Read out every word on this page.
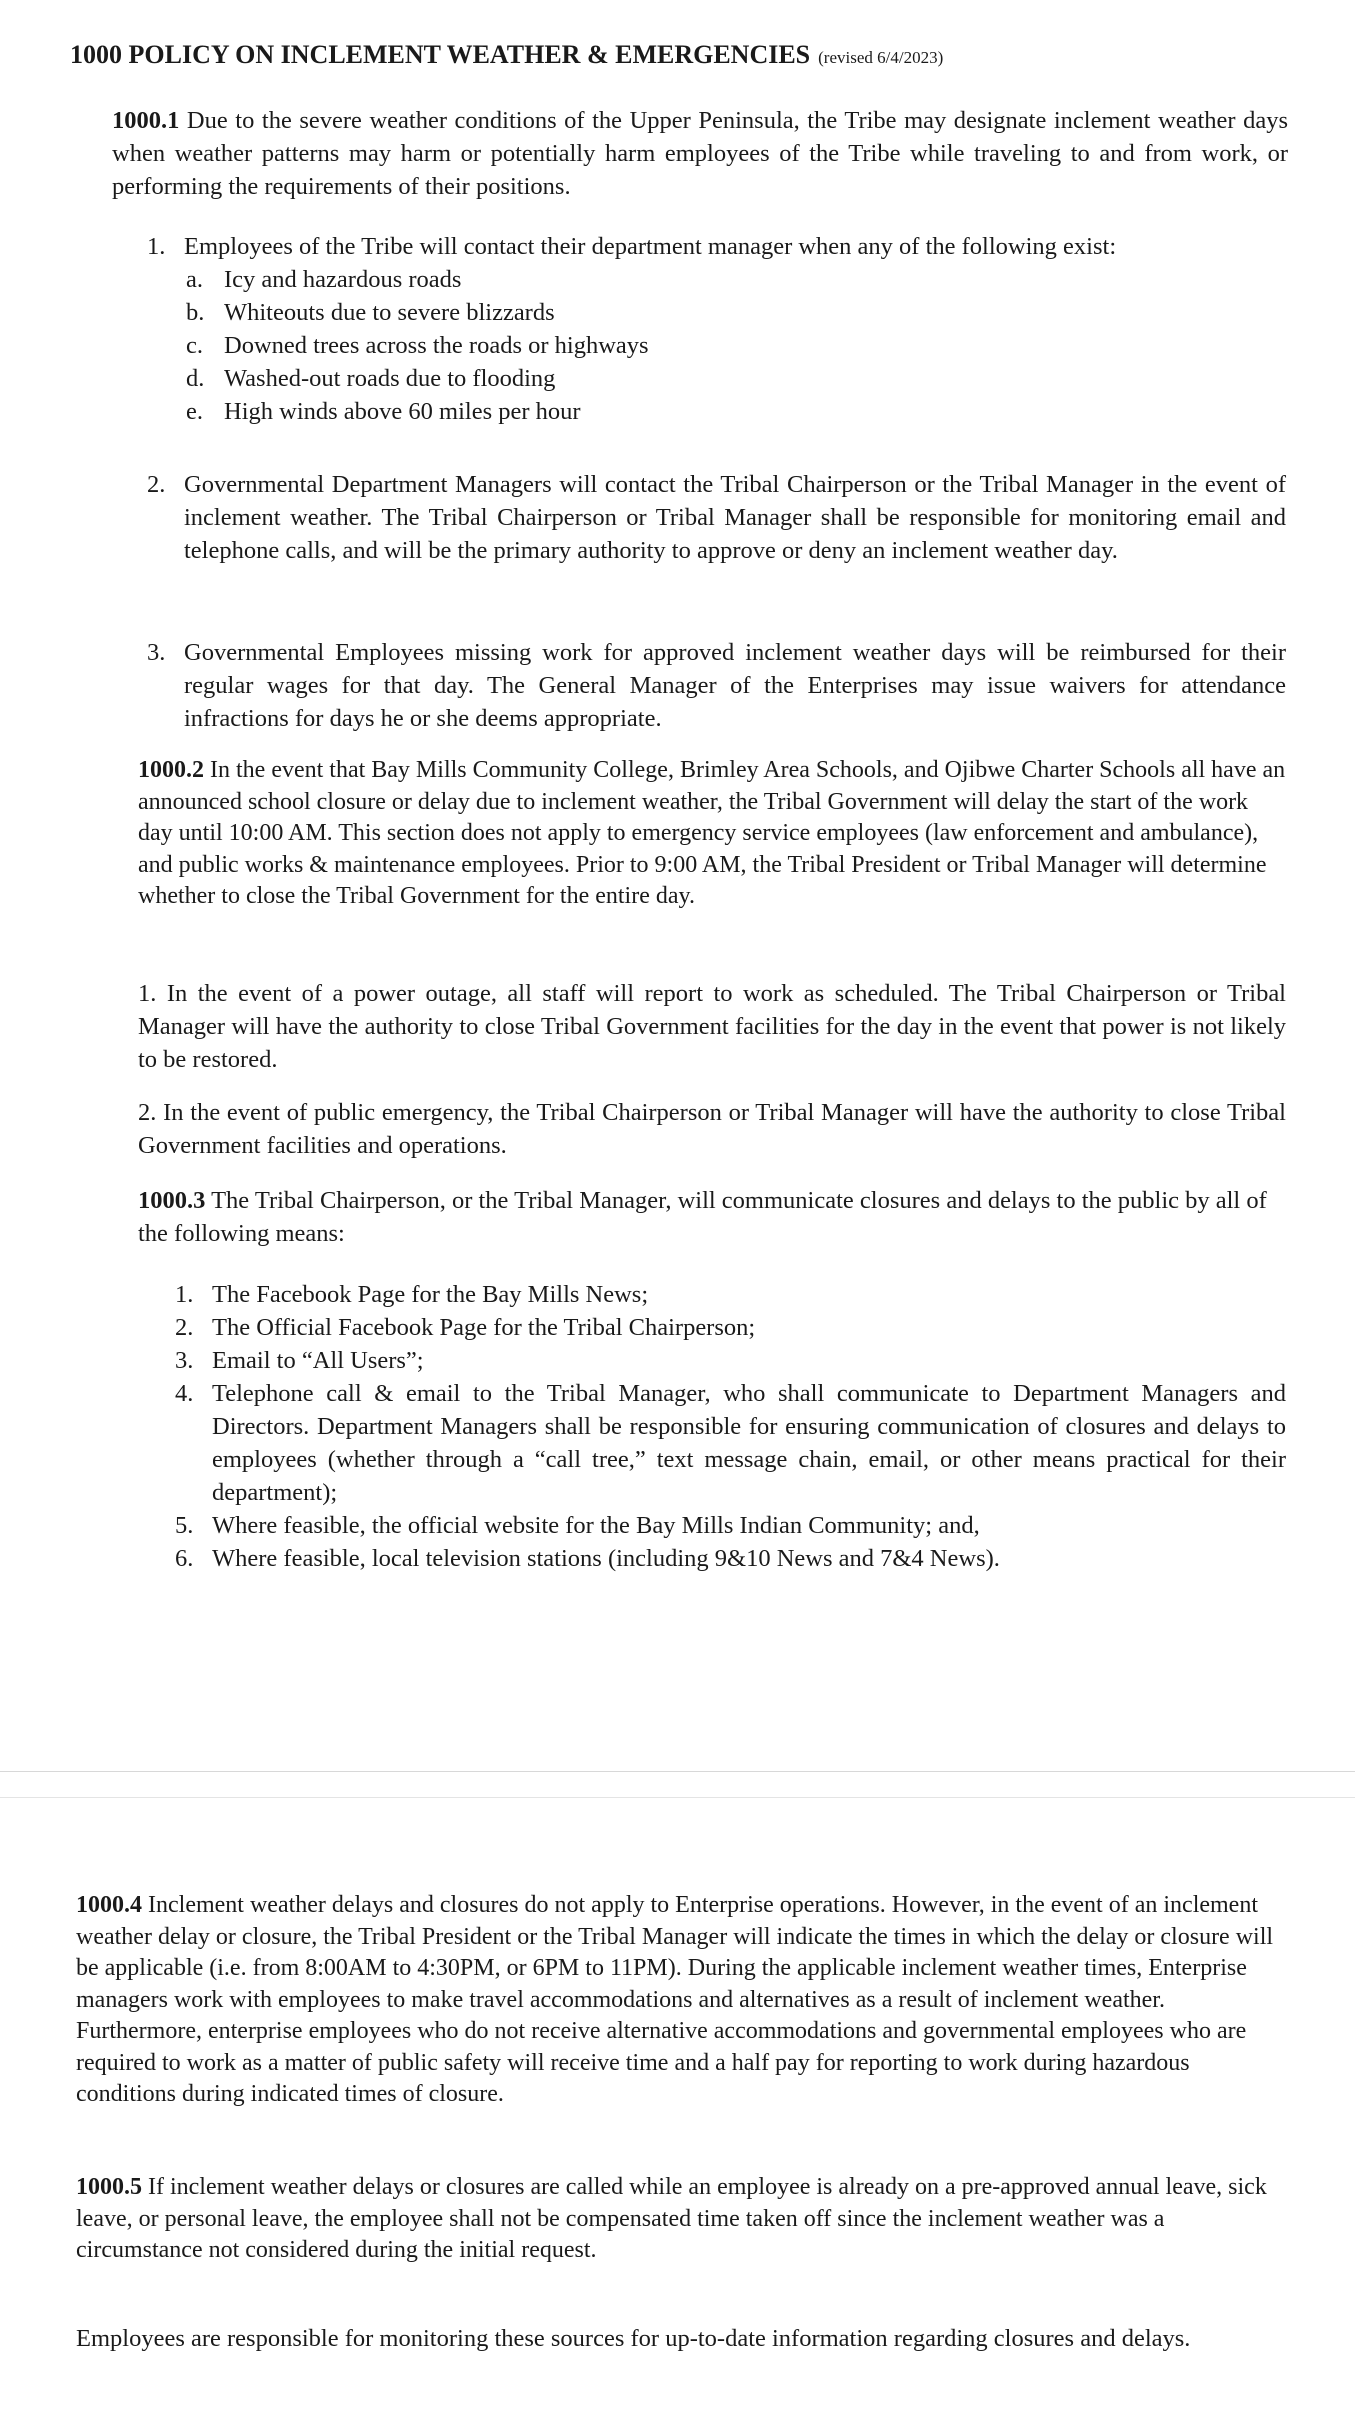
1000 POLICY ON INCLEMENT WEATHER & EMERGENCIES (revised 6/4/2023)
1000.1 Due to the severe weather conditions of the Upper Peninsula, the Tribe may designate inclement weather days when weather patterns may harm or potentially harm employees of the Tribe while traveling to and from work, or performing the requirements of their positions.
1. Employees of the Tribe will contact their department manager when any of the following exist:
a. Icy and hazardous roads
b. Whiteouts due to severe blizzards
c. Downed trees across the roads or highways
d. Washed-out roads due to flooding
e. High winds above 60 miles per hour
2. Governmental Department Managers will contact the Tribal Chairperson or the Tribal Manager in the event of inclement weather. The Tribal Chairperson or Tribal Manager shall be responsible for monitoring email and telephone calls, and will be the primary authority to approve or deny an inclement weather day.
3. Governmental Employees missing work for approved inclement weather days will be reimbursed for their regular wages for that day. The General Manager of the Enterprises may issue waivers for attendance infractions for days he or she deems appropriate.
1000.2 In the event that Bay Mills Community College, Brimley Area Schools, and Ojibwe Charter Schools all have an announced school closure or delay due to inclement weather, the Tribal Government will delay the start of the work day until 10:00 AM. This section does not apply to emergency service employees (law enforcement and ambulance), and public works & maintenance employees. Prior to 9:00 AM, the Tribal President or Tribal Manager will determine whether to close the Tribal Government for the entire day.
1. In the event of a power outage, all staff will report to work as scheduled. The Tribal Chairperson or Tribal Manager will have the authority to close Tribal Government facilities for the day in the event that power is not likely to be restored.
2. In the event of public emergency, the Tribal Chairperson or Tribal Manager will have the authority to close Tribal Government facilities and operations.
1000.3 The Tribal Chairperson, or the Tribal Manager, will communicate closures and delays to the public by all of the following means:
1. The Facebook Page for the Bay Mills News;
2. The Official Facebook Page for the Tribal Chairperson;
3. Email to “All Users”;
4. Telephone call & email to the Tribal Manager, who shall communicate to Department Managers and Directors. Department Managers shall be responsible for ensuring communication of closures and delays to employees (whether through a “call tree,” text message chain, email, or other means practical for their department);
5. Where feasible, the official website for the Bay Mills Indian Community; and,
6. Where feasible, local television stations (including 9&10 News and 7&4 News).
1000.4 Inclement weather delays and closures do not apply to Enterprise operations. However, in the event of an inclement weather delay or closure, the Tribal President or the Tribal Manager will indicate the times in which the delay or closure will be applicable (i.e. from 8:00AM to 4:30PM, or 6PM to 11PM). During the applicable inclement weather times, Enterprise managers work with employees to make travel accommodations and alternatives as a result of inclement weather. Furthermore, enterprise employees who do not receive alternative accommodations and governmental employees who are required to work as a matter of public safety will receive time and a half pay for reporting to work during hazardous conditions during indicated times of closure.
1000.5 If inclement weather delays or closures are called while an employee is already on a pre-approved annual leave, sick leave, or personal leave, the employee shall not be compensated time taken off since the inclement weather was a circumstance not considered during the initial request.
Employees are responsible for monitoring these sources for up-to-date information regarding closures and delays.
